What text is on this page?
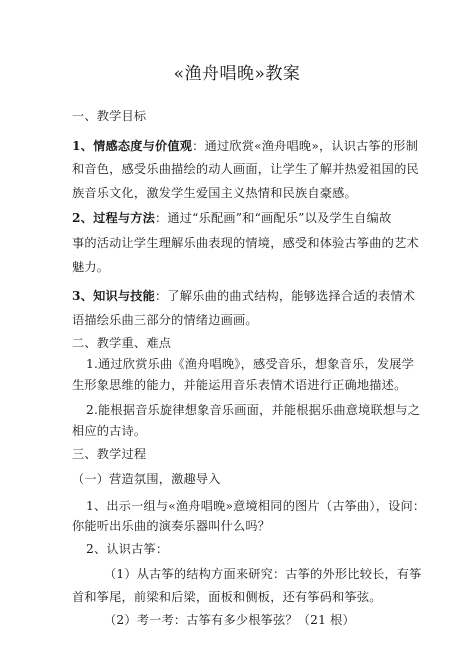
«渔舟唱晚»教案
一、教学目标
1、情感态度与价值观：通过欣赏«渔舟唱晚»，认识古筝的形制
和音色，感受乐曲描绘的动人画面，让学生了解并热爱祖国的民
族音乐文化，激发学生爱国主义热情和民族自豪感。
2、过程与方法：通过“乐配画”和“画配乐”以及学生自编故
事的活动让学生理解乐曲表现的情境，感受和体验古筝曲的艺术
魅力。
3、知识与技能：了解乐曲的曲式结构，能够选择合适的表情术
语描绘乐曲三部分的情绪边画画。
二、教学重、难点
1.通过欣赏乐曲《渔舟唱晚》，感受音乐，想象音乐，发展学
生形象思维的能力，并能运用音乐表情术语进行正确地描述。
2.能根据音乐旋律想象音乐画面，并能根据乐曲意境联想与之
相应的古诗。
三、教学过程
（一）营造氛围，激趣导入
1、出示一组与«渔舟唱晚»意境相同的图片（古筝曲），设问：
你能听出乐曲的演奏乐器叫什么吗？
2、认识古筝：
（1）从古筝的结构方面来研究：古筝的外形比较长，有筝
首和筝尾，前梁和后梁，面板和侧板，还有筝码和筝弦。
（2）考一考：古筝有多少根筝弦？（21 根）
